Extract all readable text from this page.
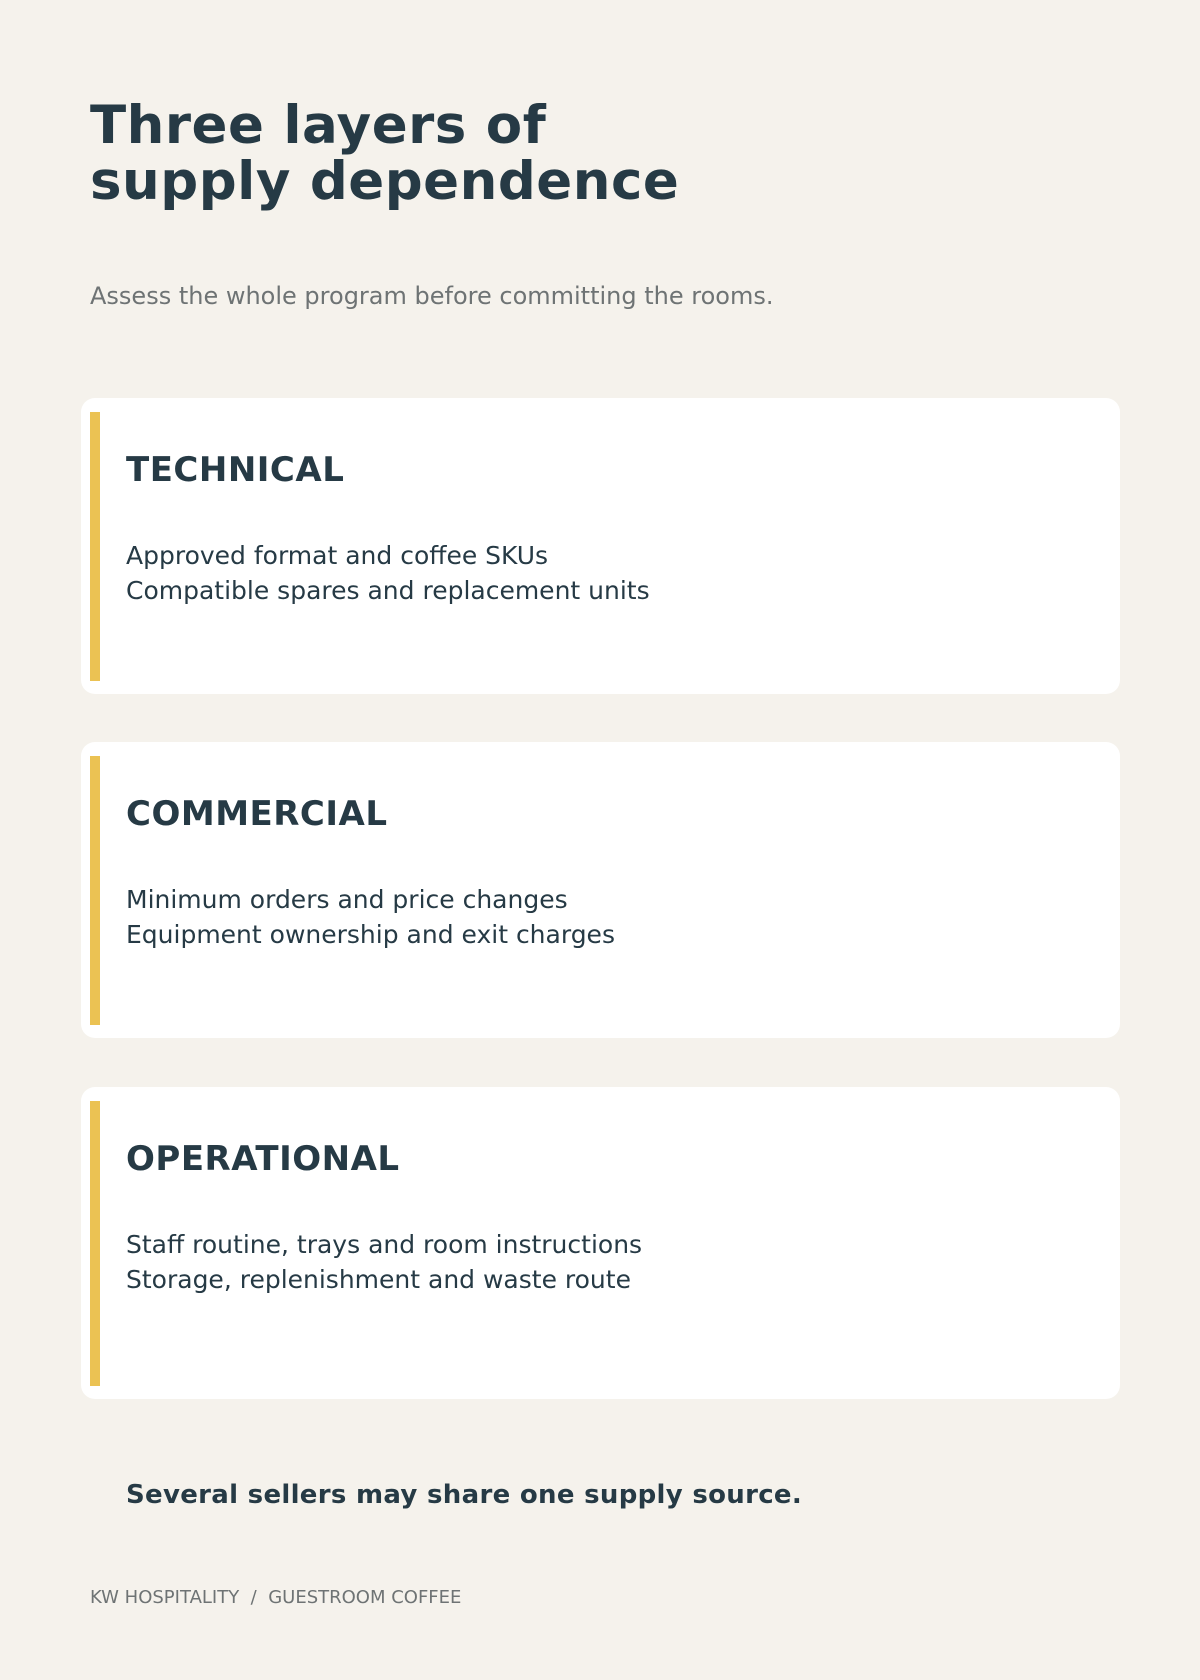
Three layers of
supply dependence

Assess the whole program before committing the rooms.

TECHNICAL
Approved format and coffee SKUs
Compatible spares and replacement units
COMMERCIAL
Minimum orders and price changes
Equipment ownership and exit charges
OPERATIONAL
Staff routine, trays and room instructions
Storage, replenishment and waste route

Several sellers may share one supply source.

KW HOSPITALITY / GUESTROOM COFFEE
